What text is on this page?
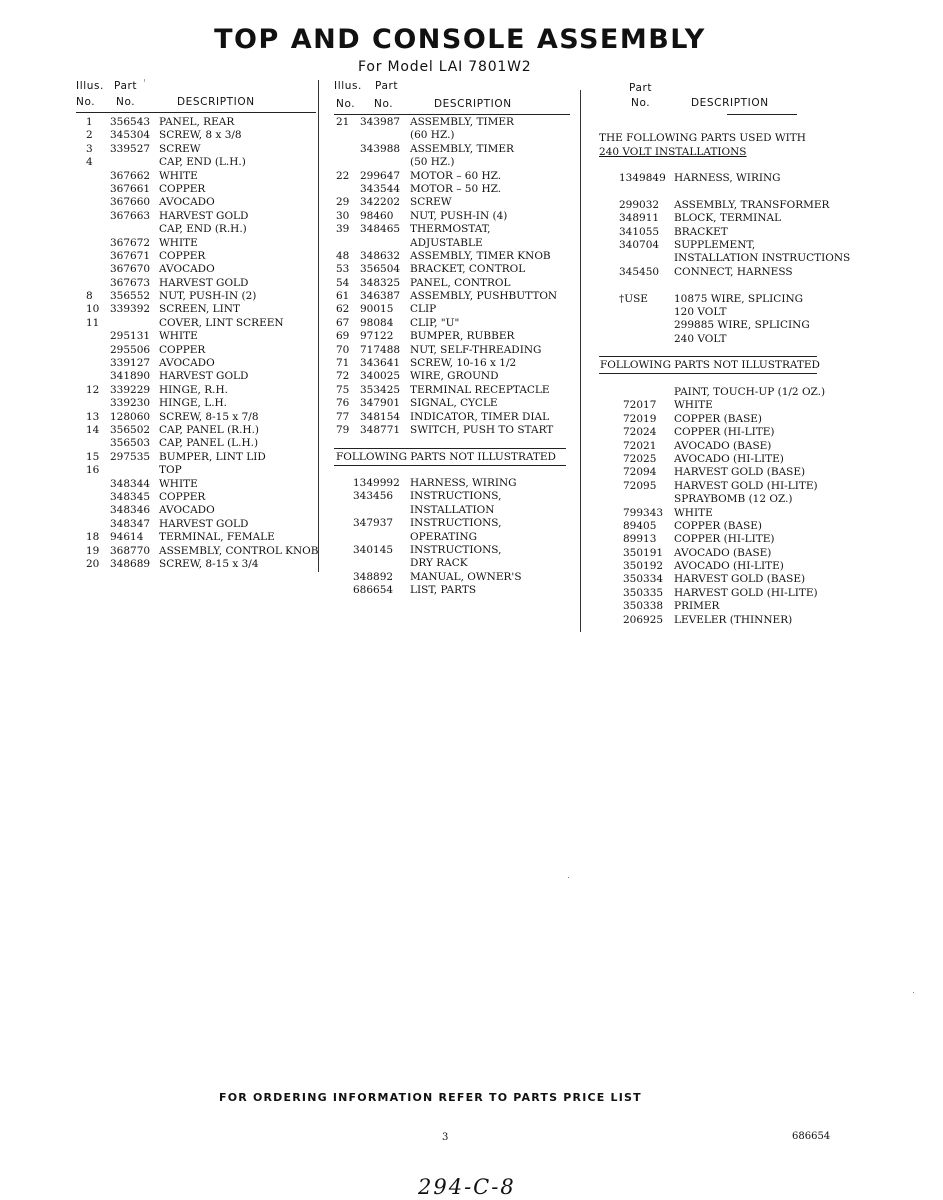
TOP AND CONSOLE ASSEMBLY
For Model LAI 7801W2
Illus. Part '
No. No.	DESCRIPTION
Illus. Part
No. No.	DESCRIPTION
Part
No.	DESCRIPTION
1 356543 PANEL, REAR
2 345304 SCREW, 8 x 3/8
3 339527 SCREW
4	CAP, END (L.H.)
367662 WHITE
367661 COPPER
367660 AVOCADO
367663 HARVEST GOLD
CAP, END (R.H.)
367672 WHITE
367671 COPPER
367670 AVOCADO
367673 HARVEST GOLD
8 356552 NUT, PUSH-IN (2)
10 339392 SCREEN, LINT
11	COVER, LINT SCREEN
295131 WHITE
295506 COPPER
339127 AVOCADO
341890 HARVEST GOLD
12 339229 HINGE, R.H.
339230 HINGE, L.H.
13 128060 SCREW, 8-15 x 7/8
14 356502 CAP, PANEL (R.H.)
356503 CAP, PANEL (L.H.)
15 297535 BUMPER, LINT LID
16	TOP
348344 WHITE
348345 COPPER
348346 AVOCADO
348347 HARVEST GOLD
18 94614 TERMINAL, FEMALE
19 368770 ASSEMBLY, CONTROL KNOB
20 348689 SCREW, 8-15 x 3/4
21 343987 ASSEMBLY, TIMER
(60 HZ.)
343988 ASSEMBLY, TIMER
(50 HZ.)
22 299647 MOTOR – 60 HZ.
343544 MOTOR – 50 HZ.
29 342202 SCREW
30 98460 NUT, PUSH-IN (4)
39 348465 THERMOSTAT,
ADJUSTABLE
48 348632 ASSEMBLY, TIMER KNOB
53 356504 BRACKET, CONTROL
54 348325 PANEL, CONTROL
61 346387 ASSEMBLY, PUSHBUTTON
62 90015 CLIP
67 98084 CLIP, "U"
69 97122 BUMPER, RUBBER
70 717488 NUT, SELF-THREADING
71 343641 SCREW, 10-16 x 1/2
72 340025 WIRE, GROUND
75 353425 TERMINAL RECEPTACLE
76 347901 SIGNAL, CYCLE
77 348154 INDICATOR, TIMER DIAL
79 348771 SWITCH, PUSH TO START
FOLLOWING PARTS NOT ILLUSTRATED
1349992 HARNESS, WIRING
343456 INSTRUCTIONS,
INSTALLATION
347937 INSTRUCTIONS,
OPERATING
340145 INSTRUCTIONS,
DRY RACK
348892 MANUAL, OWNER'S
686654 LIST, PARTS
THE FOLLOWING PARTS USED WITH
240 VOLT INSTALLATIONS
1349849 HARNESS, WIRING
299032 ASSEMBLY, TRANSFORMER
348911 BLOCK, TERMINAL
341055 BRACKET
340704 SUPPLEMENT,
INSTALLATION INSTRUCTIONS
345450 CONNECT, HARNESS
†USE 10875 WIRE, SPLICING
120 VOLT
299885 WIRE, SPLICING
240 VOLT
FOLLOWING PARTS NOT ILLUSTRATED
PAINT, TOUCH-UP (1/2 OZ.)
72017 WHITE
72019 COPPER (BASE)
72024 COPPER (HI-LITE)
72021 AVOCADO (BASE)
72025 AVOCADO (HI-LITE)
72094 HARVEST GOLD (BASE)
72095 HARVEST GOLD (HI-LITE)
SPRAYBOMB (12 OZ.)
799343 WHITE
89405 COPPER (BASE)
89913 COPPER (HI-LITE)
350191 AVOCADO (BASE)
350192 AVOCADO (HI-LITE)
350334 HARVEST GOLD (BASE)
350335 HARVEST GOLD (HI-LITE)
350338 PRIMER
206925 LEVELER (THINNER)
FOR ORDERING INFORMATION REFER TO PARTS PRICE LIST
3	686654
294-C-8
